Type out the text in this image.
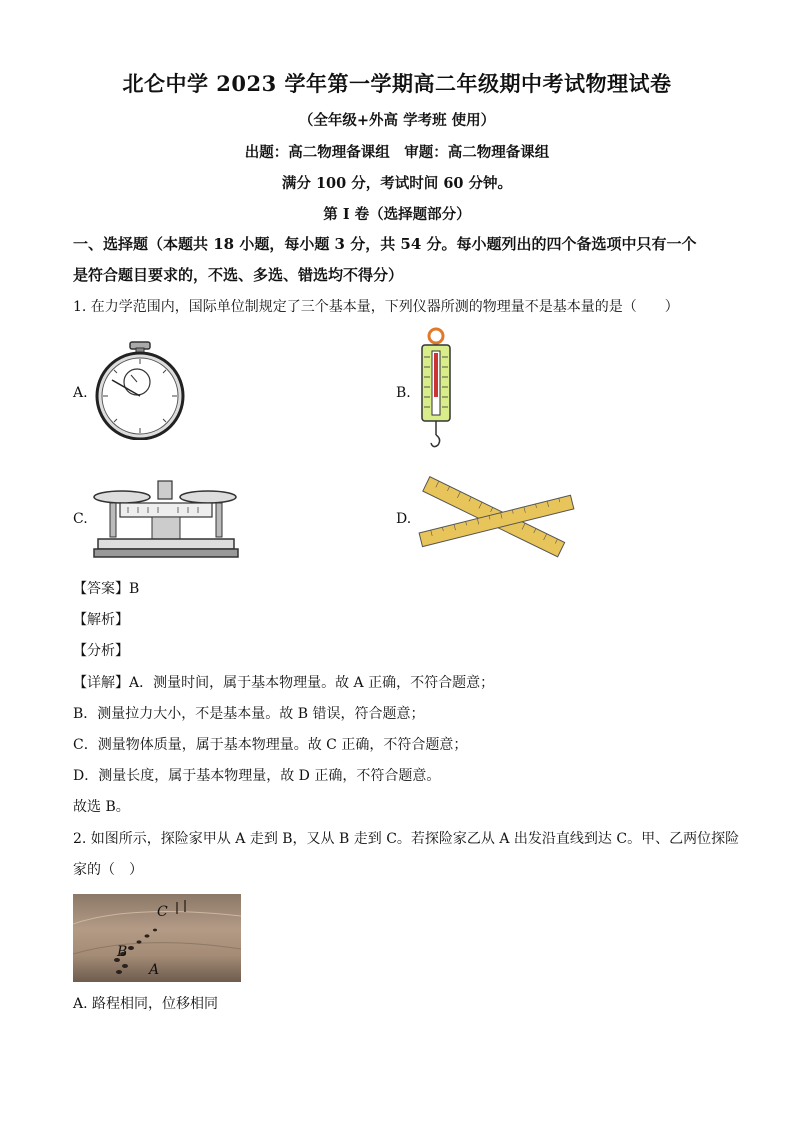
北仑中学 2023 学年第一学期高二年级期中考试物理试卷
（全年级+外高 学考班 使用）
出题：高二物理备课组　审题：高二物理备课组
满分 100 分，考试时间 60 分钟。
第 I 卷（选择题部分）
一、选择题（本题共 18 小题，每小题 3 分，共 54 分。每小题列出的四个备选项中只有一个
是符合题目要求的，不选、多选、错选均不得分）
1. 在力学范围内，国际单位制规定了三个基本量，下列仪器所测的物理量不是基本量的是（　　）
A.	B.
C.	D.
【答案】B
【解析】
【分析】
【详解】A．测量时间，属于基本物理量。故 A 正确，不符合题意；
B．测量拉力大小，不是基本量。故 B 错误，符合题意；
C．测量物体质量，属于基本物理量。故 C 正确，不符合题意；
D．测量长度，属于基本物理量，故 D 正确，不符合题意。
故选 B。
2. 如图所示，探险家甲从 A 走到 B，又从 B 走到 C。若探险家乙从 A 出发沿直线到达 C。甲、乙两位探险
家的（　）
C
B
A
A. 路程相同，位移相同
